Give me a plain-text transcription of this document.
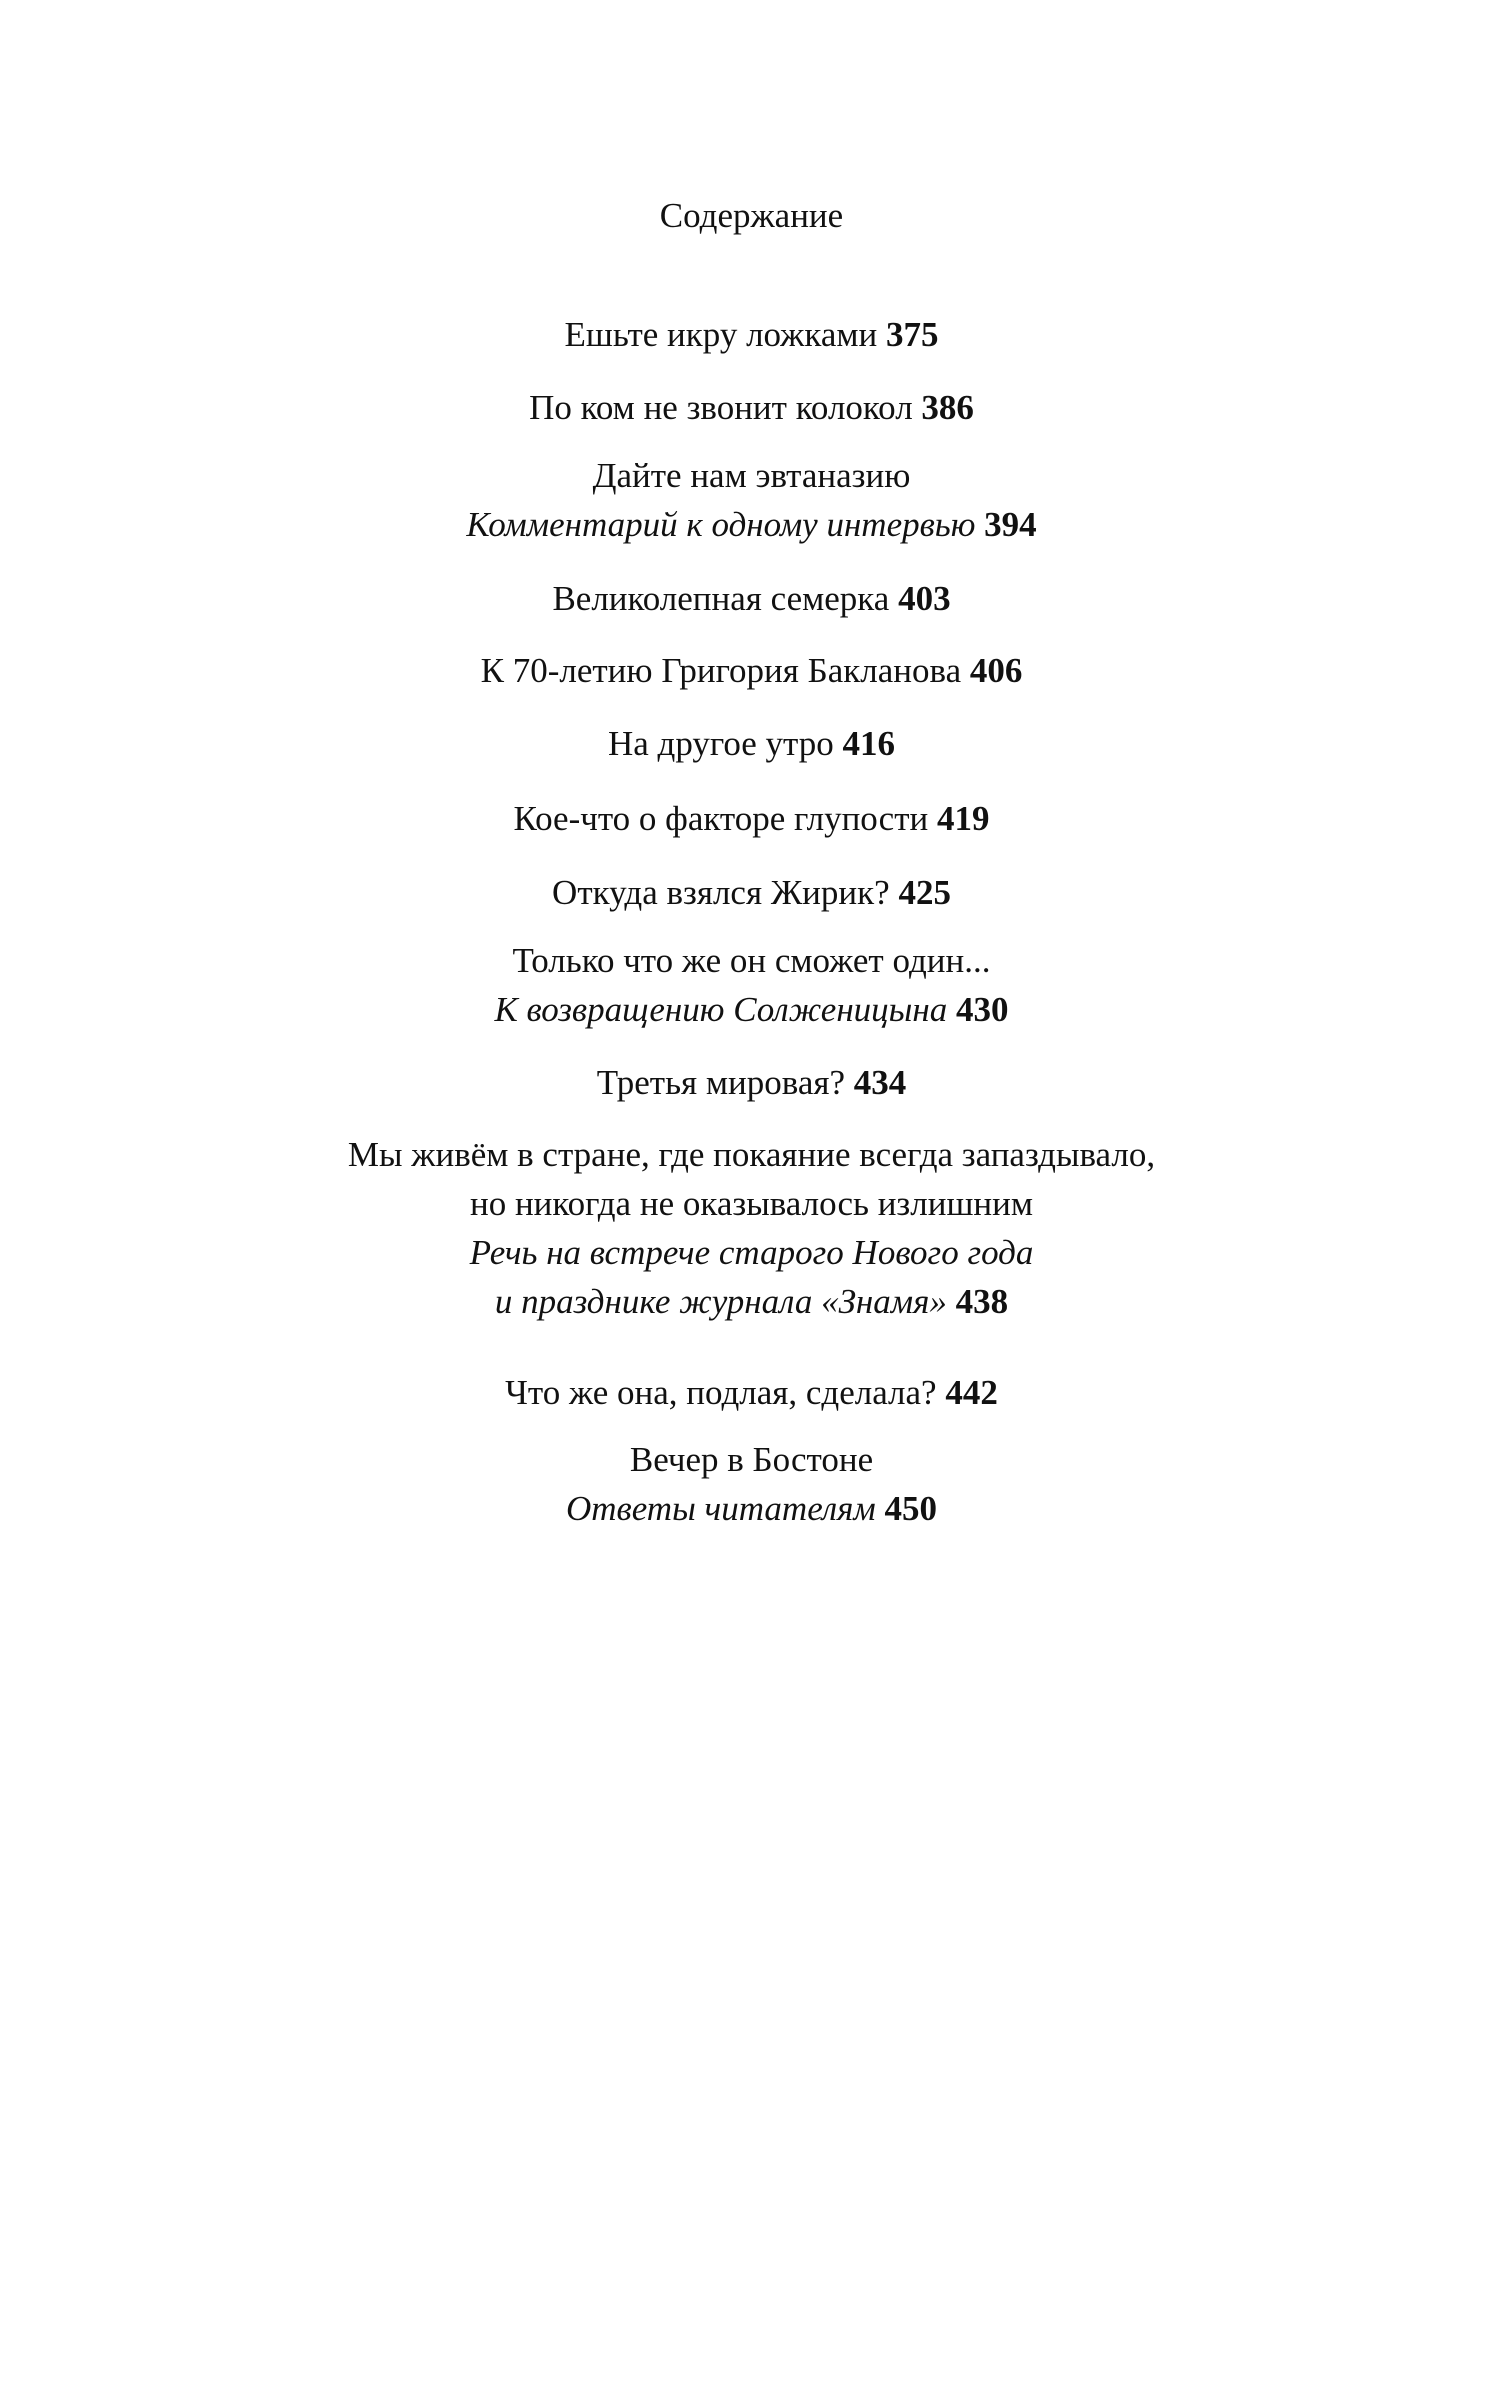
Содержание
Ешьте икру ложками 375
По ком не звонит колокол 386
Дайте нам эвтаназию
Комментарий к одному интервью 394
Великолепная семерка 403
К 70-летию Григория Бакланова 406
На другое утро 416
Кое-что о факторе глупости 419
Откуда взялся Жирик? 425
Только что же он сможет один...
К возвращению Солженицына 430
Третья мировая? 434
Мы живём в стране, где покаяние всегда запаздывало,
но никогда не оказывалось излишним
Речь на встрече старого Нового года
и празднике журнала «Знамя» 438
Что же она, подлая, сделала? 442
Вечер в Бостоне
Ответы читателям 450
